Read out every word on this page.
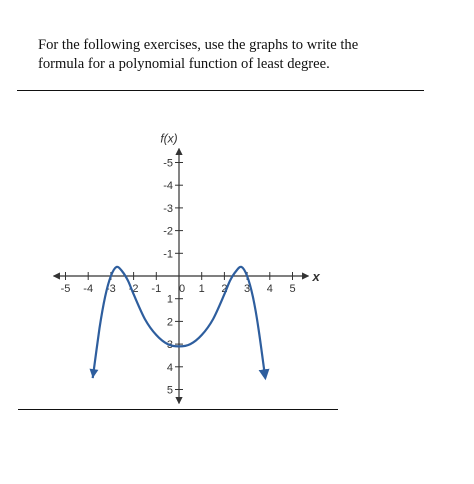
For the following exercises, use the graphs to write the
formula for a polynomial function of least degree.
-5 -4 -3 -2 -1 0 1 2 3 4 5
5
4
3
2
1
-1
-2
-3
-4
-5
f(x)
x
